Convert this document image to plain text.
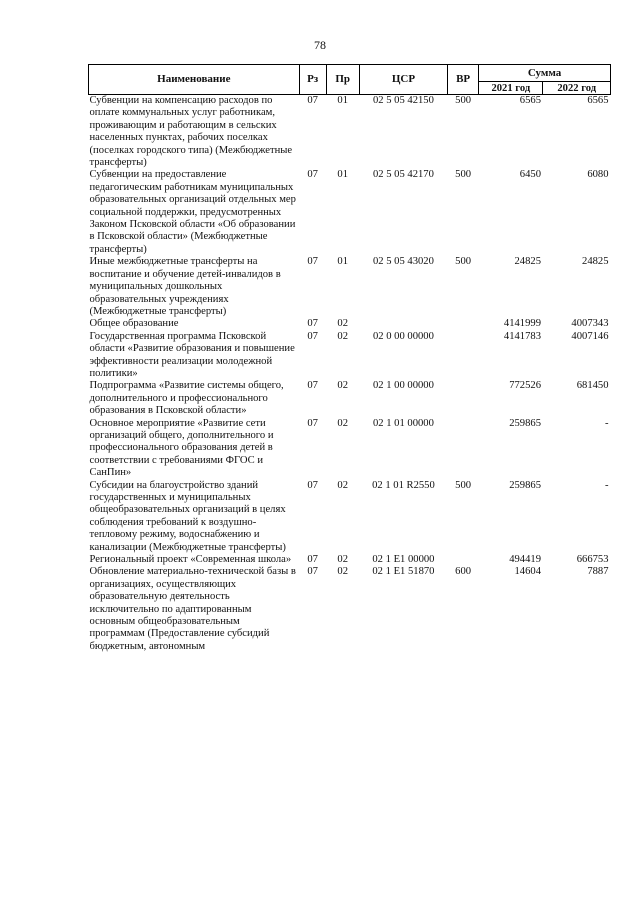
78
Наименование	Рз	Пр	ЦСР	ВР	Сумма	
					2021 год	2022 год
Субвенции на компенсацию расходов по оплате коммунальных услуг работникам, проживающим и работающим в сельских населенных пунктах, рабочих поселках (поселках городского типа) (Межбюджетные трансферты)	07	01	02 5 05 42150	500	6565	6565
Субвенции на предоставление педагогическим работникам муниципальных образовательных организаций отдельных мер социальной поддержки, предусмотренных Законом Псковской области «Об образовании в Псковской области» (Межбюджетные трансферты)	07	01	02 5 05 42170	500	6450	6080
Иные межбюджетные трансферты на воспитание и обучение детей-инвалидов в муниципальных дошкольных образовательных учреждениях (Межбюджетные трансферты)	07	01	02 5 05 43020	500	24825	24825
Общее образование	07	02			4141999	4007343
Государственная программа Псковской области «Развитие образования и повышение эффективности реализации молодежной политики»	07	02	02 0 00 00000		4141783	4007146
Подпрограмма «Развитие системы общего, дополнительного и профессионального образования в Псковской области»	07	02	02 1 00 00000		772526	681450
Основное мероприятие «Развитие сети организаций общего, дополнительного и профессионального образования детей в соответствии с требованиями ФГОС и СанПин»	07	02	02 1 01 00000		259865	-
Субсидии на благоустройство зданий государственных и муниципальных общеобразовательных организаций в целях соблюдения требований к воздушно-тепловому режиму, водоснабжению и канализации (Межбюджетные трансферты)	07	02	02 1 01 R2550	500	259865	-
Региональный проект «Современная школа»	07	02	02 1 E1 00000		494419	666753
Обновление материально-технической базы в организациях, осуществляющих образовательную деятельность исключительно по адаптированным основным общеобразовательным программам (Предоставление субсидий бюджетным, автономным	07	02	02 1 E1 51870	600	14604	7887
